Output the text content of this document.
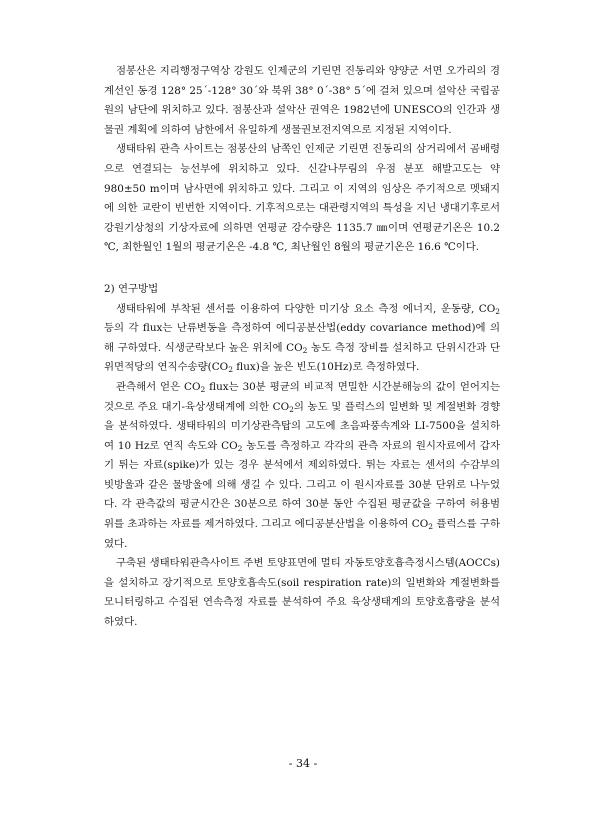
점봉산은 지리행정구역상 강원도 인제군의 기린면 진동리와 양양군 서면 오가리의 경계선인 동경 128° 25´-128° 30´와 북위 38° 0´-38° 5´에 걸쳐 있으며 설악산 국립공원의 남단에 위치하고 있다. 점봉산과 설악산 권역은 1982년에 UNESCO의 인간과 생물권 계획에 의하여 남한에서 유일하게 생물권보전지역으로 지정된 지역이다.

생태타워 관측 사이트는 점봉산의 남쪽인 인제군 기린면 진동리의 삼거리에서 곰배령으로 연결되는 능선부에 위치하고 있다. 신갈나무림의 우점 분포 해발고도는 약 980±50 m이며 남사면에 위치하고 있다. 그리고 이 지역의 임상은 주기적으로 멧돼지에 의한 교란이 빈번한 지역이다. 기후적으로는 대관령지역의 특성을 지닌 냉대기후로서 강원기상청의 기상자료에 의하면 연평균 강수량은 1135.7 ㎜이며 연평균기온은 10.2 ℃, 최한월인 1월의 평균기온은 ‐4.8 ℃, 최난월인 8월의 평균기온은 16.6 ℃이다.

2) 연구방법

생태타워에 부착된 센서를 이용하여 다양한 미기상 요소 측정 에너지, 운동량, $CO_2$ 등의 각 flux는 난류변동을 측정하여 에디공분산법(eddy covariance method)에 의해 구하였다. 식생군락보다 높은 위치에 $CO_2$ 농도 측정 장비를 설치하고 단위시간과 단위면적당의 연직수송량($CO_2$ flux)을 높은 빈도(10Hz)로 측정하였다.

관측해서 얻은 $CO_2$ flux는 30분 평균의 비교적 면밀한 시간분해능의 값이 얻어지는 것으로 주요 대기-육상생태계에 의한 $CO_2$의 농도 및 플럭스의 일변화 및 계절변화 경향을 분석하였다. 생태타워의 미기상관측탑의 고도에 초음파풍속계와 LI-7500을 설치하여 10 Hz로 연직 속도와 $CO_2$ 농도를 측정하고 각각의 관측 자료의 원시자료에서 갑자기 튀는 자료(spike)가 있는 경우 분석에서 제외하였다. 튀는 자료는 센서의 수감부의 빗방울과 같은 물방울에 의해 생길 수 있다. 그리고 이 원시자료를 30분 단위로 나누었다. 각 관측값의 평균시간은 30분으로 하여 30분 동안 수집된 평균값을 구하여 허용범위를 초과하는 자료를 제거하였다. 그리고 에디공분산법을 이용하여 $CO_2$ 플럭스를 구하였다.

구축된 생태타워관측사이트 주변 토양표면에 멀티 자동토양호흡측정시스템(AOCCs)을 설치하고 장기적으로 토양호흡속도(soil respiration rate)의 일변화와 계절변화를 모니터링하고 수집된 연속측정 자료를 분석하여 주요 육상생태계의 토양호흡량을 분석하였다.

- 34 -
